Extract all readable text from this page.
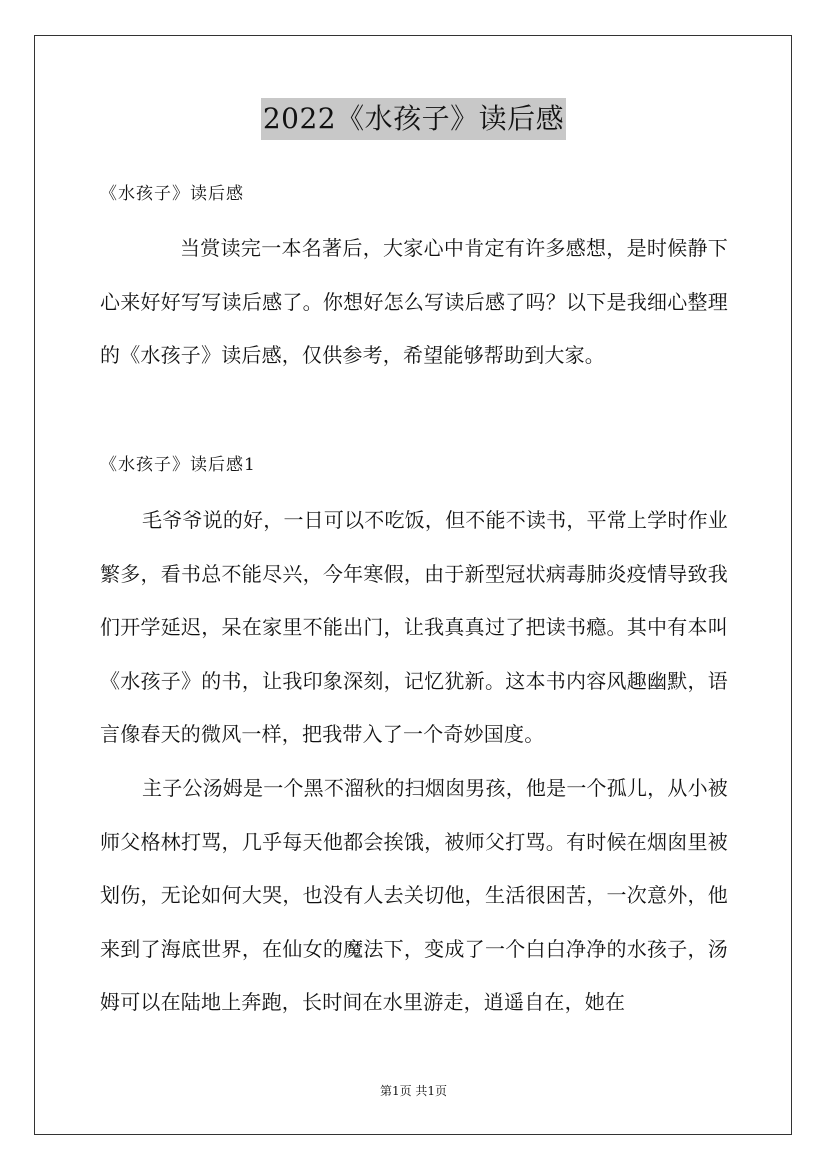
2022《水孩子》读后感
《水孩子》读后感
当赏读完一本名著后，大家心中肯定有许多感想，是时候静下心来好好写写读后感了。你想好怎么写读后感了吗？以下是我细心整理的《水孩子》读后感，仅供参考，希望能够帮助到大家。
《水孩子》读后感1
毛爷爷说的好，一日可以不吃饭，但不能不读书，平常上学时作业繁多，看书总不能尽兴，今年寒假，由于新型冠状病毒肺炎疫情导致我们开学延迟，呆在家里不能出门，让我真真过了把读书瘾。其中有本叫《水孩子》的书，让我印象深刻，记忆犹新。这本书内容风趣幽默，语言像春天的微风一样，把我带入了一个奇妙国度。
主子公汤姆是一个黑不溜秋的扫烟囱男孩，他是一个孤儿，从小被师父格林打骂，几乎每天他都会挨饿，被师父打骂。有时候在烟囱里被划伤，无论如何大哭，也没有人去关切他，生活很困苦，一次意外，他来到了海底世界，在仙女的魔法下，变成了一个白白净净的水孩子，汤姆可以在陆地上奔跑，长时间在水里游走，逍遥自在，她在
第1页 共1页
